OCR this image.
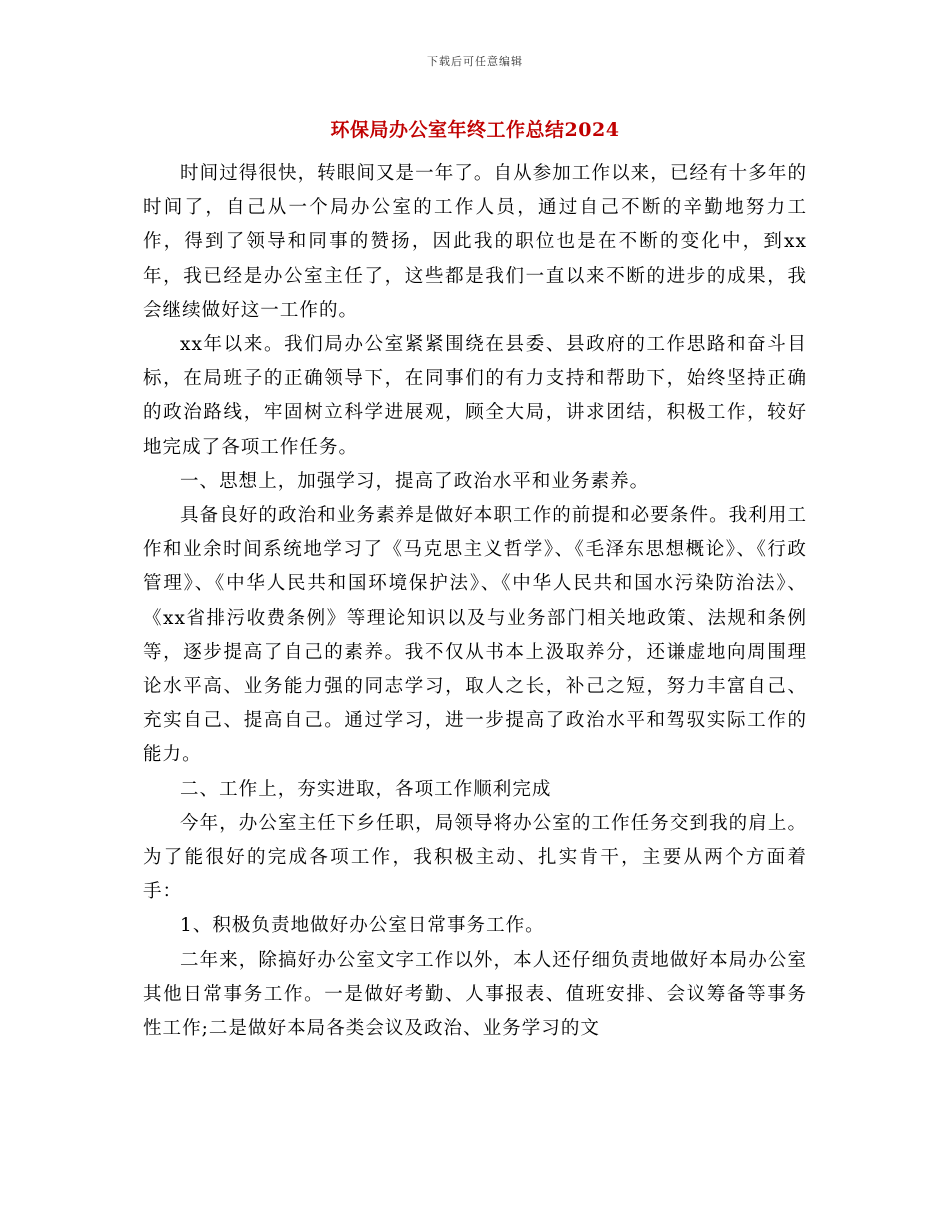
下载后可任意编辑
环保局办公室年终工作总结2024

时间过得很快，转眼间又是一年了。自从参加工作以来，已经有十多年的时间了，自己从一个局办公室的工作人员，通过自己不断的辛勤地努力工作，得到了领导和同事的赞扬，因此我的职位也是在不断的变化中，到xx年，我已经是办公室主任了，这些都是我们一直以来不断的进步的成果，我会继续做好这一工作的。

xx年以来。我们局办公室紧紧围绕在县委、县政府的工作思路和奋斗目标，在局班子的正确领导下，在同事们的有力支持和帮助下，始终坚持正确的政治路线，牢固树立科学进展观，顾全大局，讲求团结，积极工作，较好地完成了各项工作任务。

一、思想上，加强学习，提高了政治水平和业务素养。

具备良好的政治和业务素养是做好本职工作的前提和必要条件。我利用工作和业余时间系统地学习了《马克思主义哲学》、《毛泽东思想概论》、《行政管理》、《中华人民共和国环境保护法》、《中华人民共和国水污染防治法》、《xx省排污收费条例》等理论知识以及与业务部门相关地政策、法规和条例等，逐步提高了自己的素养。我不仅从书本上汲取养分，还谦虚地向周围理论水平高、业务能力强的同志学习，取人之长，补己之短，努力丰富自己、充实自己、提高自己。通过学习，进一步提高了政治水平和驾驭实际工作的能力。

二、工作上，夯实进取，各项工作顺利完成

今年，办公室主任下乡任职，局领导将办公室的工作任务交到我的肩上。为了能很好的完成各项工作，我积极主动、扎实肯干，主要从两个方面着手：

1、积极负责地做好办公室日常事务工作。

二年来，除搞好办公室文字工作以外，本人还仔细负责地做好本局办公室其他日常事务工作。一是做好考勤、人事报表、值班安排、会议筹备等事务性工作;二是做好本局各类会议及政治、业务学习的文
